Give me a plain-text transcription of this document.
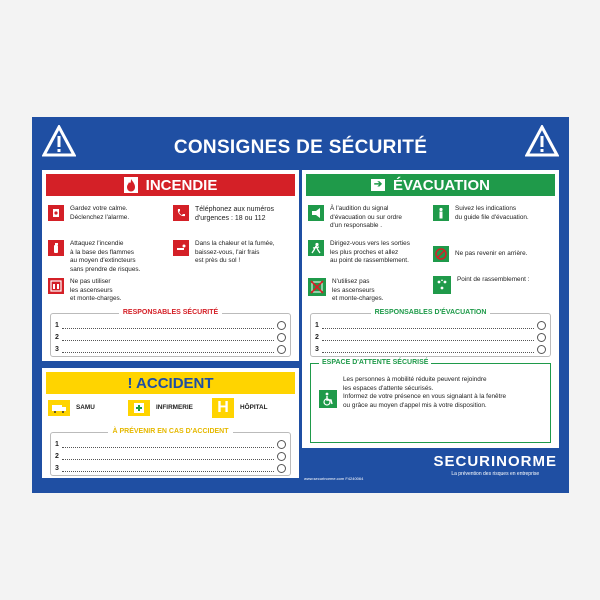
CONSIGNES DE SÉCURITÉ
INCENDIE
Gardez votre calme.
Déclenchez l'alarme.
Téléphonez aux numéros
d'urgences : 18 ou 112
Attaquez l'incendie
à la base des flammes
au moyen d'extincteurs
sans prendre de risques.
Dans la chaleur et la fumée,
baissez-vous, l'air frais
est près du sol !
Ne pas utiliser
les ascenseurs
et monte-charges.
RESPONSABLES SÉCURITÉ
1
2
3
! ACCIDENT
SAMU	INFIRMERIE	H	HÔPITAL
À PRÉVENIR EN CAS D'ACCIDENT
1
2
3
➔ ÉVACUATION
À l'audition du signal
d'évacuation ou sur ordre
d'un responsable .
Suivez les indications
du guide file d'évacuation.
Dirigez-vous vers les sorties
les plus proches et allez
au point de rassemblement.
Ne pas revenir en arrière.
N'utilisez pas
les ascenseurs
et monte-charges.
Point de rassemblement :
RESPONSABLES D'ÉVACUATION
1
2
3
ESPACE D'ATTENTE SÉCURISÉ
Les personnes à mobilité réduite peuvent rejoindre
les espaces d'attente sécurisés.
Informez de votre présence en vous signalant à la fenêtre
ou grâce au moyen d'appel mis à votre disposition.
www.securinorme.com F4240064
SECURINORME
La prévention des risques en entreprise
